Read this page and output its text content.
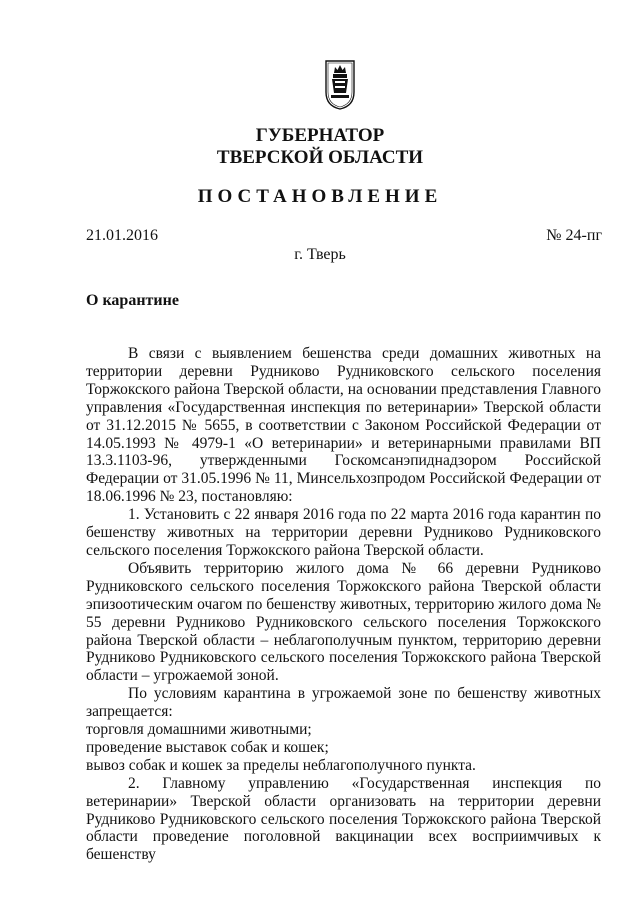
ГУБЕРНАТОР
ТВЕРСКОЙ ОБЛАСТИ
ПОСТАНОВЛЕНИЕ
21.01.2016	№ 24-пг
г. Тверь
О карантине

В связи с выявлением бешенства среди домашних животных на территории деревни Рудниково Рудниковского сельского поселения Торжокского района Тверской области, на основании представления Главного управления «Государственная инспекция по ветеринарии» Тверской области от 31.12.2015 № 5655, в соответствии с Законом Российской Федерации от 14.05.1993 № 4979-1 «О ветеринарии» и ветеринарными правилами ВП 13.3.1103-96, утвержденными Госкомсанэпиднадзором Российской Федерации от 31.05.1996 № 11, Минсельхозпродом Российской Федерации от 18.06.1996 № 23, постановляю:

1. Установить с 22 января 2016 года по 22 марта 2016 года карантин по бешенству животных на территории деревни Рудниково Рудниковского сельского поселения Торжокского района Тверской области.

Объявить территорию жилого дома № 66 деревни Рудниково Рудниковского сельского поселения Торжокского района Тверской области эпизоотическим очагом по бешенству животных, территорию жилого дома № 55 деревни Рудниково Рудниковского сельского поселения Торжокского района Тверской области – неблагополучным пунктом, территорию деревни Рудниково Рудниковского сельского поселения Торжокского района Тверской области – угрожаемой зоной.

По условиям карантина в угрожаемой зоне по бешенству животных запрещается:

торговля домашними животными;

проведение выставок собак и кошек;

вывоз собак и кошек за пределы неблагополучного пункта.

2. Главному управлению «Государственная инспекция по ветеринарии» Тверской области организовать на территории деревни Рудниково Рудниковского сельского поселения Торжокского района Тверской области проведение поголовной вакцинации всех восприимчивых к бешенству
